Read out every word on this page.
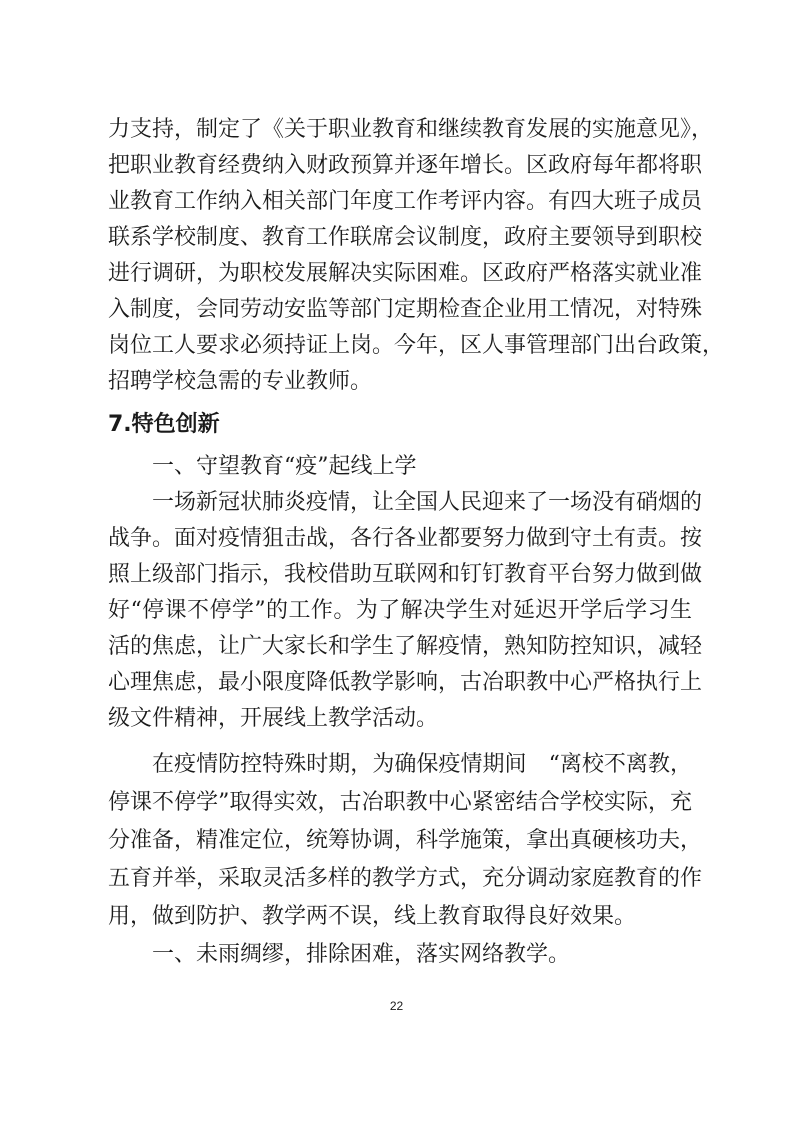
力支持，制定了《关于职业教育和继续教育发展的实施意见》，
把职业教育经费纳入财政预算并逐年增长。区政府每年都将职
业教育工作纳入相关部门年度工作考评内容。有四大班子成员
联系学校制度、教育工作联席会议制度，政府主要领导到职校
进行调研，为职校发展解决实际困难。区政府严格落实就业准
入制度，会同劳动安监等部门定期检查企业用工情况，对特殊
岗位工人要求必须持证上岗。今年，区人事管理部门出台政策，
招聘学校急需的专业教师。
7.特色创新
一、守望教育“疫”起线上学
一场新冠状肺炎疫情，让全国人民迎来了一场没有硝烟的
战争。面对疫情狙击战，各行各业都要努力做到守土有责。按
照上级部门指示，我校借助互联网和钉钉教育平台努力做到做
好“停课不停学”的工作。为了解决学生对延迟开学后学习生
活的焦虑，让广大家长和学生了解疫情，熟知防控知识，减轻
心理焦虑，最小限度降低教学影响，古冶职教中心严格执行上
级文件精神，开展线上教学活动。
在疫情防控特殊时期，为确保疫情期间　“离校不离教，
停课不停学”取得实效，古冶职教中心紧密结合学校实际，充
分准备，精准定位，统筹协调，科学施策，拿出真硬核功夫，
五育并举，采取灵活多样的教学方式，充分调动家庭教育的作
用，做到防护、教学两不误，线上教育取得良好效果。
一、未雨绸缪，排除困难，落实网络教学。
22
